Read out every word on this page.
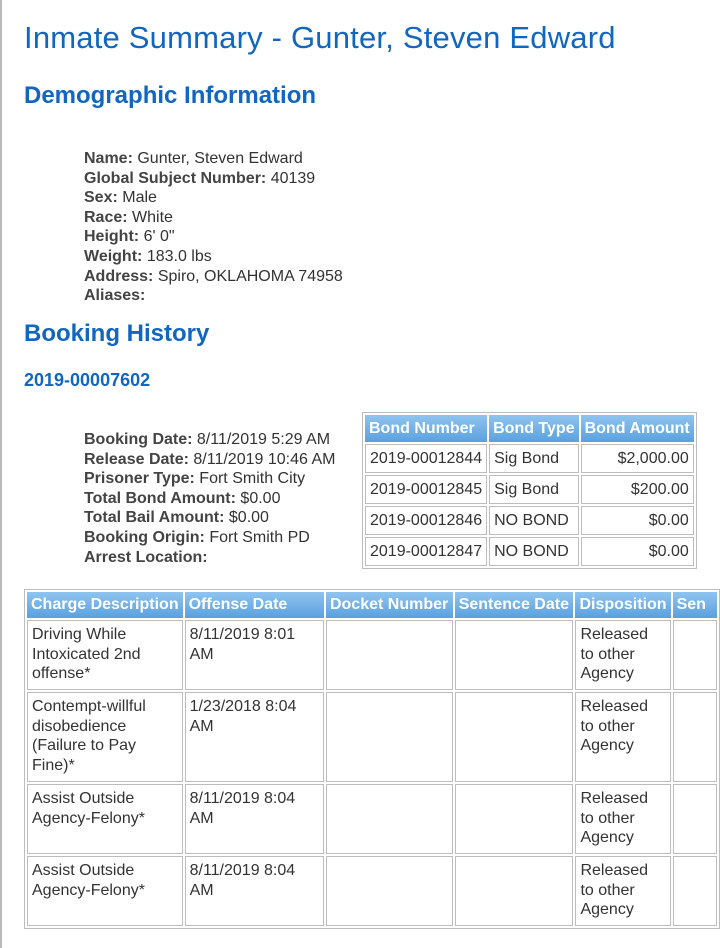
Inmate Summary - Gunter, Steven Edward
Demographic Information
Name: Gunter, Steven Edward
Global Subject Number: 40139
Sex: Male
Race: White
Height: 6' 0"
Weight: 183.0 lbs
Address: Spiro, OKLAHOMA 74958
Aliases:
Booking History
2019-00007602
Booking Date: 8/11/2019 5:29 AM
Release Date: 8/11/2019 10:46 AM
Prisoner Type: Fort Smith City
Total Bond Amount: $0.00
Total Bail Amount: $0.00
Booking Origin: Fort Smith PD
Arrest Location:
Bond Number	Bond Type	Bond Amount
2019-00012844	Sig Bond	$2,000.00
2019-00012845	Sig Bond	$200.00
2019-00012846	NO BOND	$0.00
2019-00012847	NO BOND	$0.00
Charge Description	Offense Date	Docket Number	Sentence Date	Disposition	Sen
Driving While Intoxicated 2nd offense*	8/11/2019 8:01 AM			Released to other Agency	
Contempt-willful disobedience (Failure to Pay Fine)*	1/23/2018 8:04 AM			Released to other Agency	
Assist Outside Agency-Felony*	8/11/2019 8:04 AM			Released to other Agency	
Assist Outside Agency-Felony*	8/11/2019 8:04 AM			Released to other Agency	
